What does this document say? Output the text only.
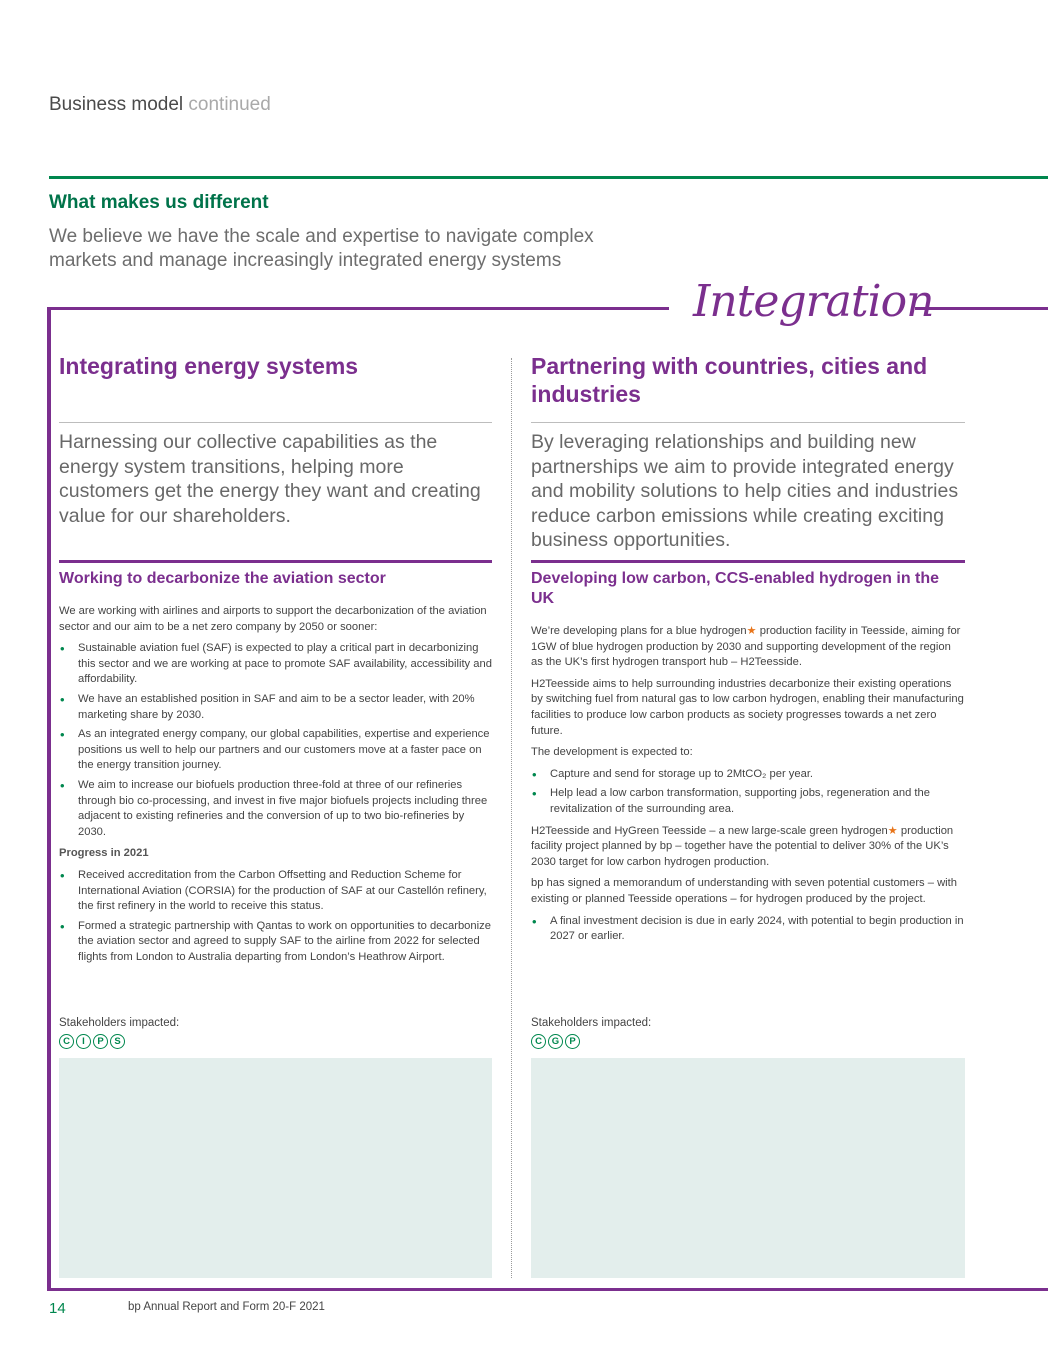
Business model continued
What makes us different
We believe we have the scale and expertise to navigate complex markets and manage increasingly integrated energy systems
Integration
Integrating energy systems
Harnessing our collective capabilities as the energy system transitions, helping more customers get the energy they want and creating value for our shareholders.
Working to decarbonize the aviation sector

We are working with airlines and airports to support the decarbonization of the aviation sector and our aim to be a net zero company by 2050 or sooner:

• Sustainable aviation fuel (SAF) is expected to play a critical part in decarbonizing this sector and we are working at pace to promote SAF availability, accessibility and affordability.
• We have an established position in SAF and aim to be a sector leader, with 20% marketing share by 2030.
• As an integrated energy company, our global capabilities, expertise and experience positions us well to help our partners and our customers move at a faster pace on the energy transition journey.
• We aim to increase our biofuels production three-fold at three of our refineries through bio co-processing, and invest in five major biofuels projects including three adjacent to existing refineries and the conversion of up to two bio-refineries by 2030.
Progress in 2021
• Received accreditation from the Carbon Offsetting and Reduction Scheme for International Aviation (CORSIA) for the production of SAF at our Castellón refinery, the first refinery in the world to receive this status.
• Formed a strategic partnership with Qantas to work on opportunities to decarbonize the aviation sector and agreed to supply SAF to the airline from 2022 for selected flights from London to Australia departing from London’s Heathrow Airport.
Stakeholders impacted:
C	I	P	S
Partnering with countries, cities and industries
By leveraging relationships and building new partnerships we aim to provide integrated energy and mobility solutions to help cities and industries reduce carbon emissions while creating exciting business opportunities.
Developing low carbon, CCS-enabled hydrogen in the UK

We’re developing plans for a blue hydrogen★ production facility in Teesside, aiming for 1GW of blue hydrogen production by 2030 and supporting development of the region as the UK’s first hydrogen transport hub – H2Teesside.

H2Teesside aims to help surrounding industries decarbonize their existing operations by switching fuel from natural gas to low carbon hydrogen, enabling their manufacturing facilities to produce low carbon products as society progresses towards a net zero future.

The development is expected to:

• Capture and send for storage up to 2MtCO₂ per year.
• Help lead a low carbon transformation, supporting jobs, regeneration and the revitalization of the surrounding area.

H2Teesside and HyGreen Teesside – a new large-scale green hydrogen★ production facility project planned by bp – together have the potential to deliver 30% of the UK’s 2030 target for low carbon hydrogen production.

bp has signed a memorandum of understanding with seven potential customers – with existing or planned Teesside operations – for hydrogen produced by the project.

• A final investment decision is due in early 2024, with potential to begin production in 2027 or earlier.
Stakeholders impacted:
C	G	P
14	bp Annual Report and Form 20-F 2021
